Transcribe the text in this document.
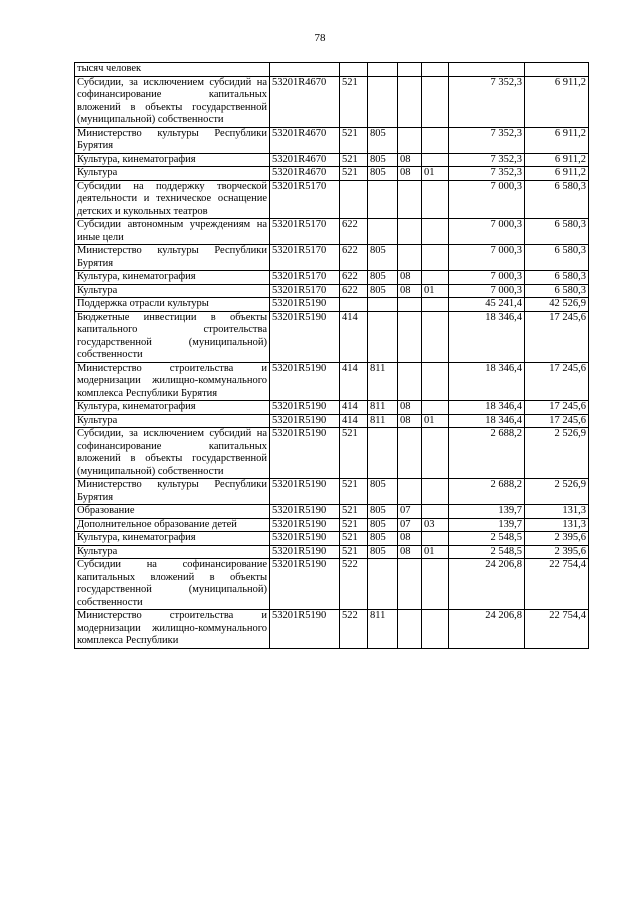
78
тысяч человек							
Субсидии, за исключением субсидий на софинансирование капитальных вложений в объекты государственной (муниципальной) собственности	53201R4670	521				7 352,3	6 911,2
Министерство культуры Республики Бурятия	53201R4670	521	805			7 352,3	6 911,2
Культура, кинематография	53201R4670	521	805	08		7 352,3	6 911,2
Культура	53201R4670	521	805	08	01	7 352,3	6 911,2
Субсидии на поддержку творческой деятельности и техническое оснащение детских и кукольных театров	53201R5170					7 000,3	6 580,3
Субсидии автономным учреждениям на иные цели	53201R5170	622				7 000,3	6 580,3
Министерство культуры Республики Бурятия	53201R5170	622	805			7 000,3	6 580,3
Культура, кинематография	53201R5170	622	805	08		7 000,3	6 580,3
Культура	53201R5170	622	805	08	01	7 000,3	6 580,3
Поддержка отрасли культуры	53201R5190					45 241,4	42 526,9
Бюджетные инвестиции в объекты капитального строительства государственной (муниципальной) собственности	53201R5190	414				18 346,4	17 245,6
Министерство строительства и модернизации жилищно-коммунального комплекса Республики Бурятия	53201R5190	414	811			18 346,4	17 245,6
Культура, кинематография	53201R5190	414	811	08		18 346,4	17 245,6
Культура	53201R5190	414	811	08	01	18 346,4	17 245,6
Субсидии, за исключением субсидий на софинансирование капитальных вложений в объекты государственной (муниципальной) собственности	53201R5190	521				2 688,2	2 526,9
Министерство культуры Республики Бурятия	53201R5190	521	805			2 688,2	2 526,9
Образование	53201R5190	521	805	07		139,7	131,3
Дополнительное образование детей	53201R5190	521	805	07	03	139,7	131,3
Культура, кинематография	53201R5190	521	805	08		2 548,5	2 395,6
Культура	53201R5190	521	805	08	01	2 548,5	2 395,6
Субсидии на софинансирование капитальных вложений в объекты государственной (муниципальной) собственности	53201R5190	522				24 206,8	22 754,4
Министерство строительства и модернизации жилищно-коммунального комплекса Республики	53201R5190	522	811			24 206,8	22 754,4
